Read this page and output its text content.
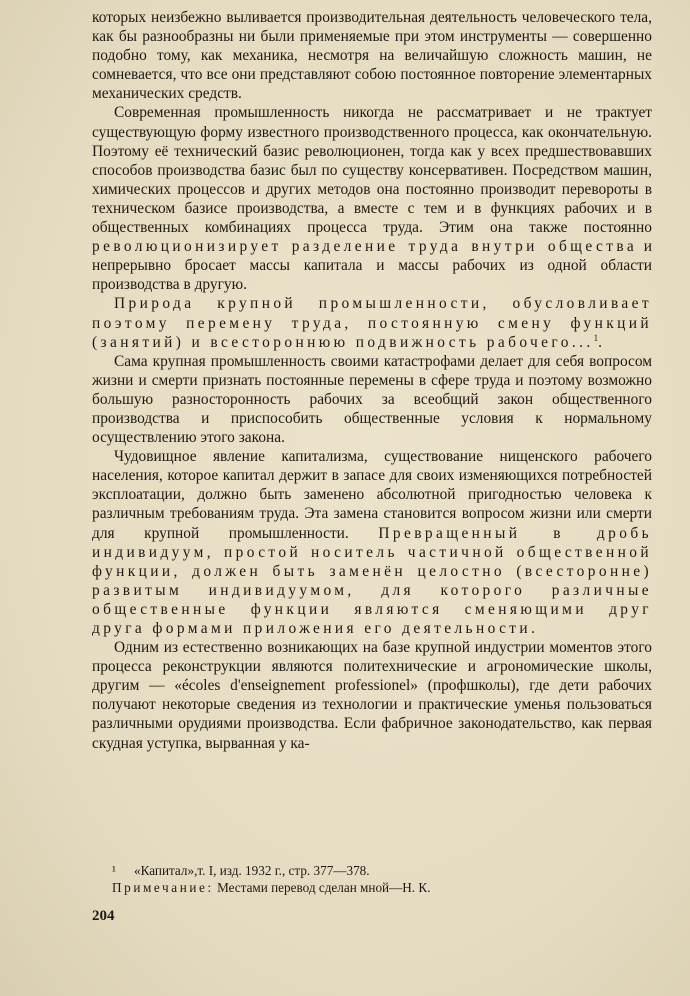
которых неизбежно выливается производительная деятельность человеческого тела, как бы разнообразны ни были применяемые при этом инструменты — совершенно подобно тому, как механика, несмотря на величайшую сложность машин, не сомневается, что все они представляют собою постоянное повторение элементарных механических средств.

Современная промышленность никогда не рассматривает и не трактует существующую форму известного производственного процесса, как окончательную. Поэтому её технический базис революционен, тогда как у всех предшествовавших способов производства базис был по существу консервативен. Посредством машин, химических процессов и других методов она постоянно производит перевороты в техническом базисе производства, а вместе с тем и в функциях рабочих и в общественных комбинациях процесса труда. Этим она также постоянно революционизирует разделение труда внутри общества и непрерывно бросает массы капитала и массы рабочих из одной области производства в другую.

Природа крупной промышленности, обусловливает поэтому перемену труда, постоянную смену функций (занятий) и всестороннюю подвижность рабочего...$^1$.

Сама крупная промышленность своими катастрофами делает для себя вопросом жизни и смерти признать постоянные перемены в сфере труда и поэтому возможно большую разносторонность рабочих за всеобщий закон общественного производства и приспособить общественные условия к нормальному осуществлению этого закона.

Чудовищное явление капитализма, существование нищенского рабочего населения, которое капитал держит в запасе для своих изменяющихся потребностей эксплоатации, должно быть заменено абсолютной пригодностью человека к различным требованиям труда. Эта замена становится вопросом жизни или смерти для крупной промышленности. Превращенный в дробь индивидуум, простой носитель частичной общественной функции, должен быть заменён целостно (всесторонне) развитым индивидуумом, для которого различные общественные функции являются сменяющими друг друга формами приложения его деятельности.

Одним из естественно возникающих на базе крупной индустрии моментов этого процесса реконструкции являются политехнические и агрономические школы, другим — «écoles d'enseignement professionel» (профшколы), где дети рабочих получают некоторые сведения из технологии и практические уменья пользоваться различными орудиями производства. Если фабричное законодательство, как первая скудная уступка, вырванная у ка-

¹ «Капитал»,т. I, изд. 1932 г., стр. 377—378.
Примечание: Местами перевод сделан мной—Н. К.
204
